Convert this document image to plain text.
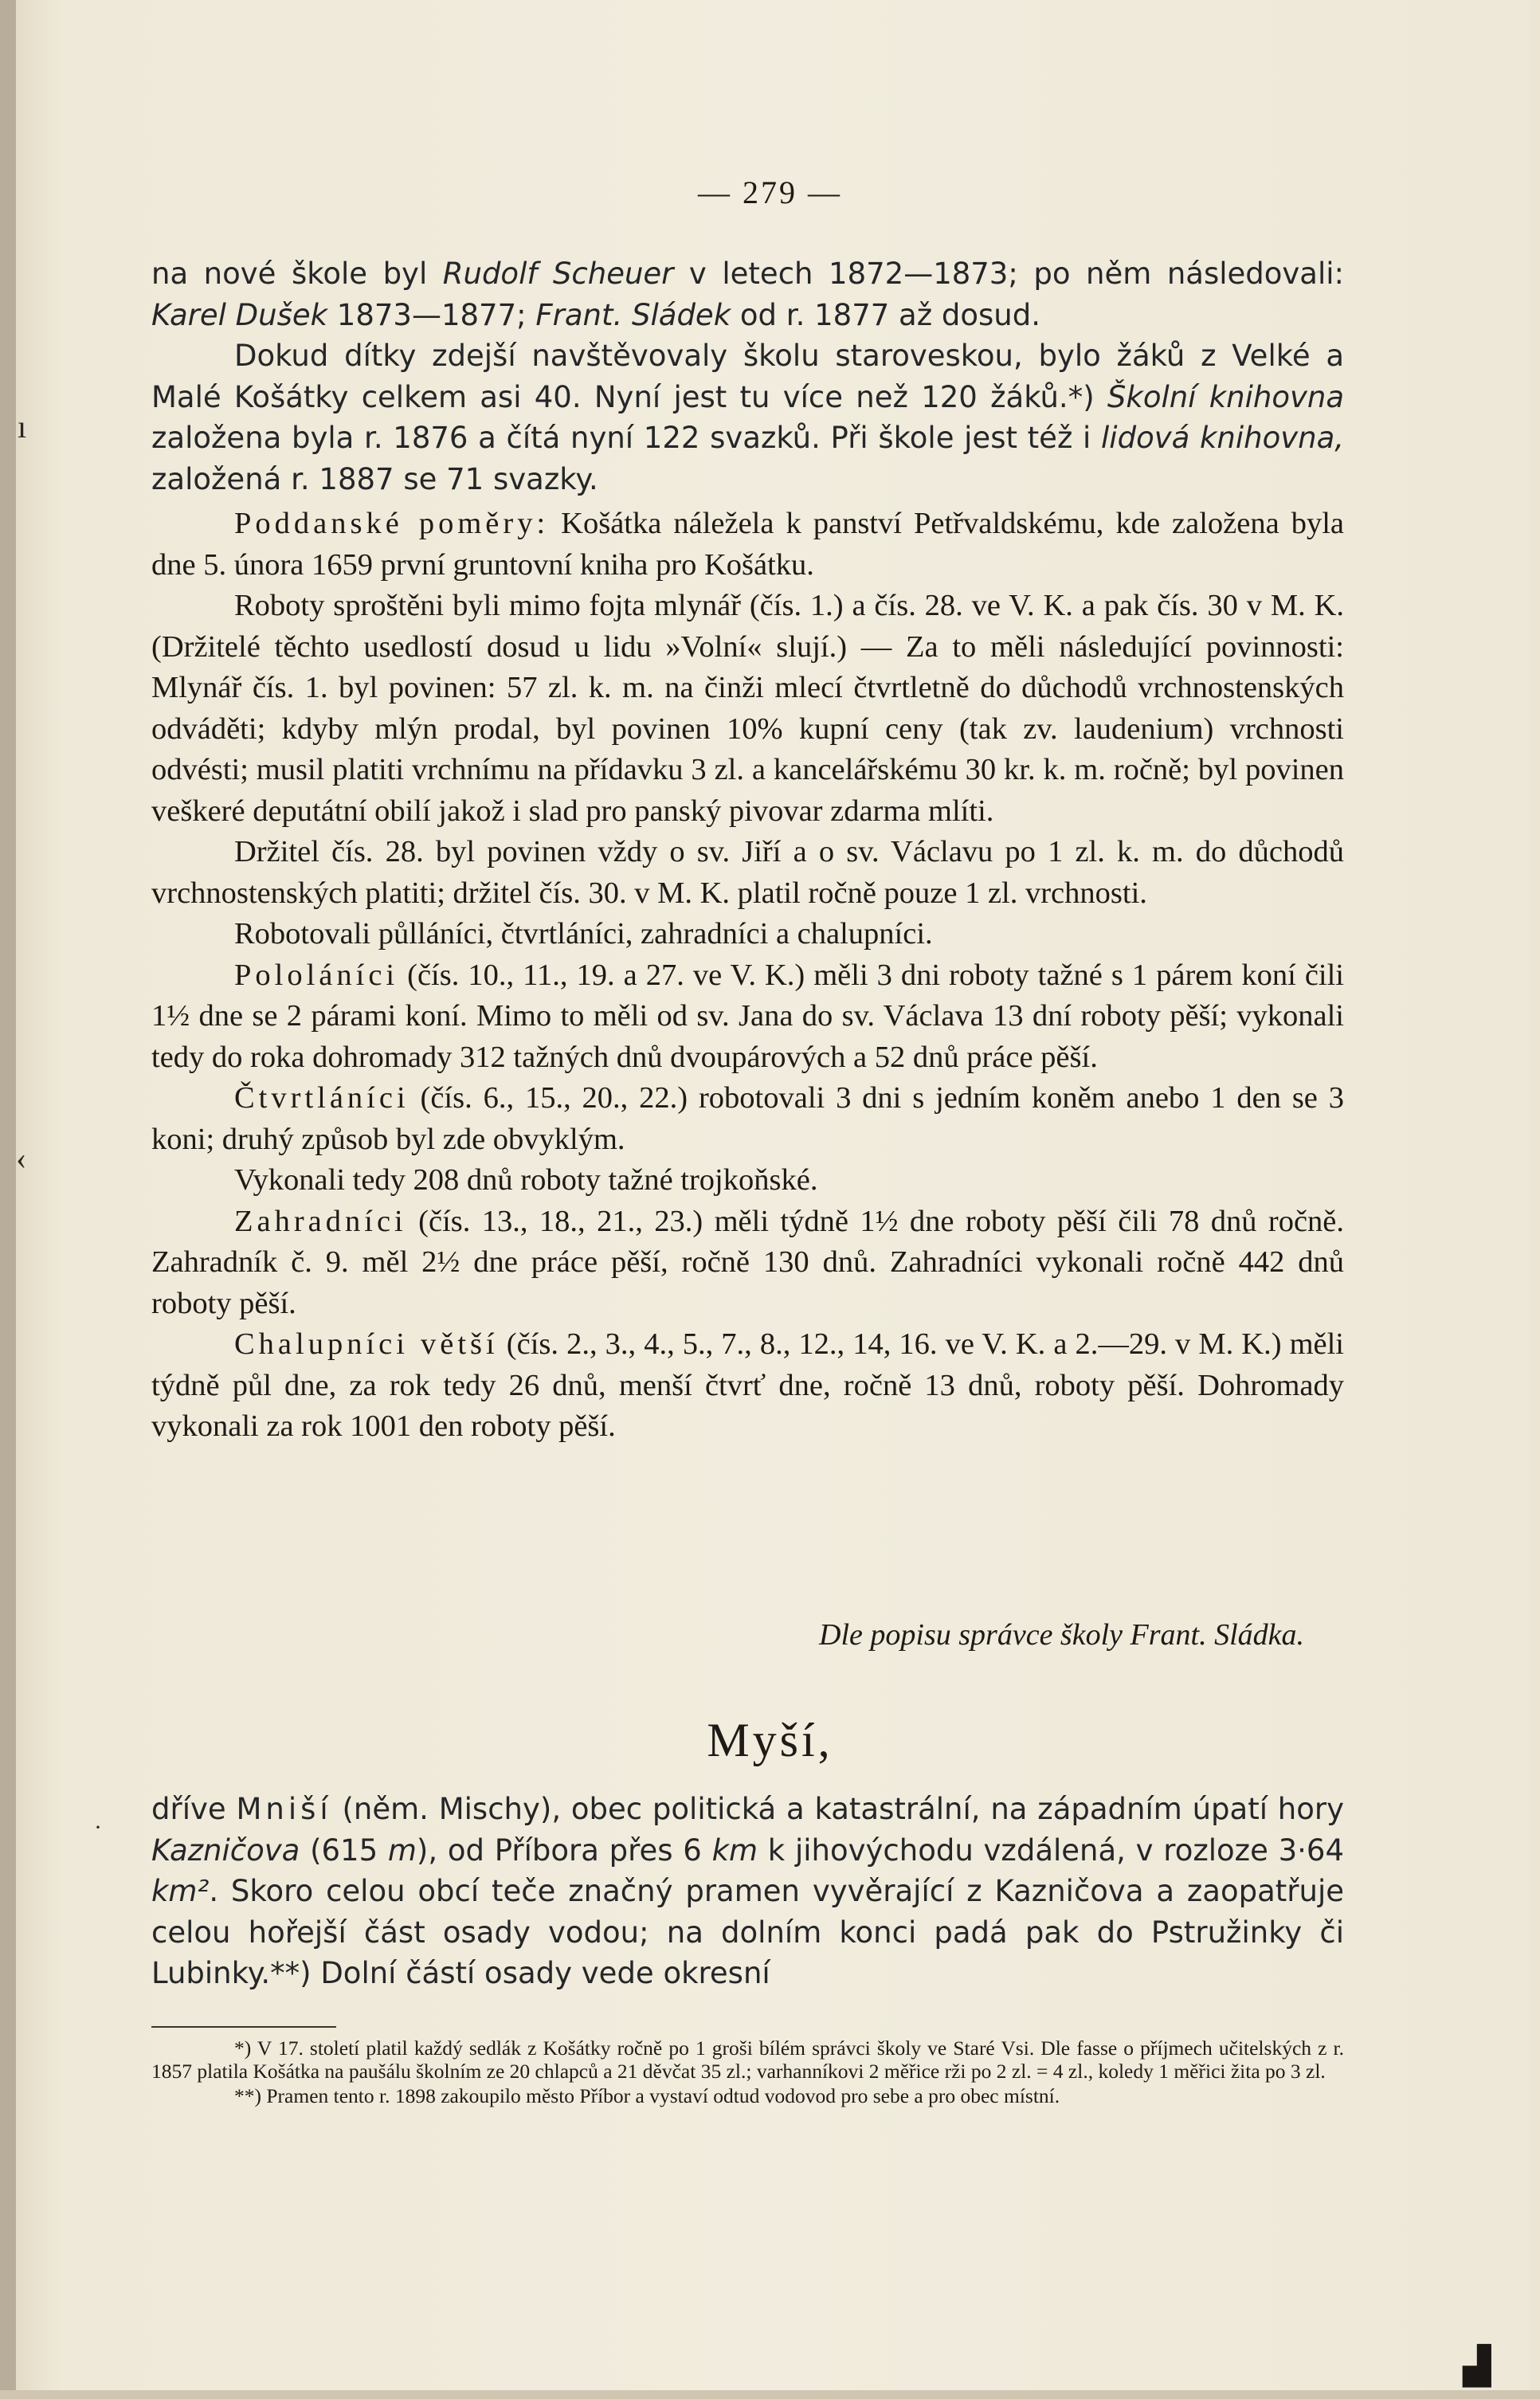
— 279 —
ı
‹
·
▟

na nové škole byl Rudolf Scheuer v letech 1872—1873; po něm následovali: Karel Dušek 1873—1877; Frant. Sládek od r. 1877 až dosud.

Dokud dítky zdejší navštěvovaly školu staroveskou, bylo žáků z Velké a Malé Košátky celkem asi 40. Nyní jest tu více než 120 žáků.*) Školní knihovna založena byla r. 1876 a čítá nyní 122 svazků. Při škole jest též i lidová knihovna, založená r. 1887 se 71 svazky.

Poddanské poměry: Košátka náležela k panství Petřvaldskému, kde založena byla dne 5. února 1659 první gruntovní kniha pro Košátku.

Roboty sproštěni byli mimo fojta mlynář (čís. 1.) a čís. 28. ve V. K. a pak čís. 30 v M. K. (Držitelé těchto usedlostí dosud u lidu »Volní« slují.) — Za to měli následující povinnosti: Mlynář čís. 1. byl povinen: 57 zl. k. m. na činži mlecí čtvrtletně do důchodů vrchnostenských odváděti; kdyby mlýn prodal, byl povinen 10% kupní ceny (tak zv. laudenium) vrchnosti odvésti; musil platiti vrchnímu na přídavku 3 zl. a kancelářskému 30 kr. k. m. ročně; byl povinen veškeré deputátní obilí jakož i slad pro panský pivovar zdarma mlíti.

Držitel čís. 28. byl povinen vždy o sv. Jiří a o sv. Václavu po 1 zl. k. m. do důchodů vrchnostenských platiti; držitel čís. 30. v M. K. platil ročně pouze 1 zl. vrchnosti.

Robotovali půlláníci, čtvrtláníci, zahradníci a chalupníci.

Pololáníci (čís. 10., 11., 19. a 27. ve V. K.) měli 3 dni roboty tažné s 1 párem koní čili 1½ dne se 2 párami koní. Mimo to měli od sv. Jana do sv. Václava 13 dní roboty pěší; vykonali tedy do roka dohromady 312 tažných dnů dvoupárových a 52 dnů práce pěší.

Čtvrtláníci (čís. 6., 15., 20., 22.) robotovali 3 dni s jedním koněm anebo 1 den se 3 koni; druhý způsob byl zde obvyklým.

Vykonali tedy 208 dnů roboty tažné trojkoňské.

Zahradníci (čís. 13., 18., 21., 23.) měli týdně 1½ dne roboty pěší čili 78 dnů ročně. Zahradník č. 9. měl 2½ dne práce pěší, ročně 130 dnů. Zahradníci vykonali ročně 442 dnů roboty pěší.

Chalupníci větší (čís. 2., 3., 4., 5., 7., 8., 12., 14, 16. ve V. K. a 2.—29. v M. K.) měli týdně půl dne, za rok tedy 26 dnů, menší čtvrť dne, ročně 13 dnů, roboty pěší. Dohromady vykonali za rok 1001 den roboty pěší.

Dle popisu správce školy Frant. Sládka.
Myší,

dříve Mniší (něm. Mischy), obec politická a katastrální, na západním úpatí hory Kazničova (615 m), od Příbora přes 6 km k jihovýchodu vzdálená, v rozloze 3·64 km². Skoro celou obcí teče značný pramen vyvěrající z Kazničova a zaopatřuje celou hořejší část osady vodou; na dolním konci padá pak do Pstružinky či Lubinky.**) Dolní částí osady vede okresní

*) V 17. století platil každý sedlák z Košátky ročně po 1 groši bílém správci školy ve Staré Vsi. Dle fasse o příjmech učitelských z r. 1857 platila Košátka na paušálu školním ze 20 chlapců a 21 děvčat 35 zl.; varhanníkovi 2 měřice rži po 2 zl. = 4 zl., koledy 1 měřici žita po 3 zl.

**) Pramen tento r. 1898 zakoupilo město Příbor a vystaví odtud vodovod pro sebe a pro obec místní.
